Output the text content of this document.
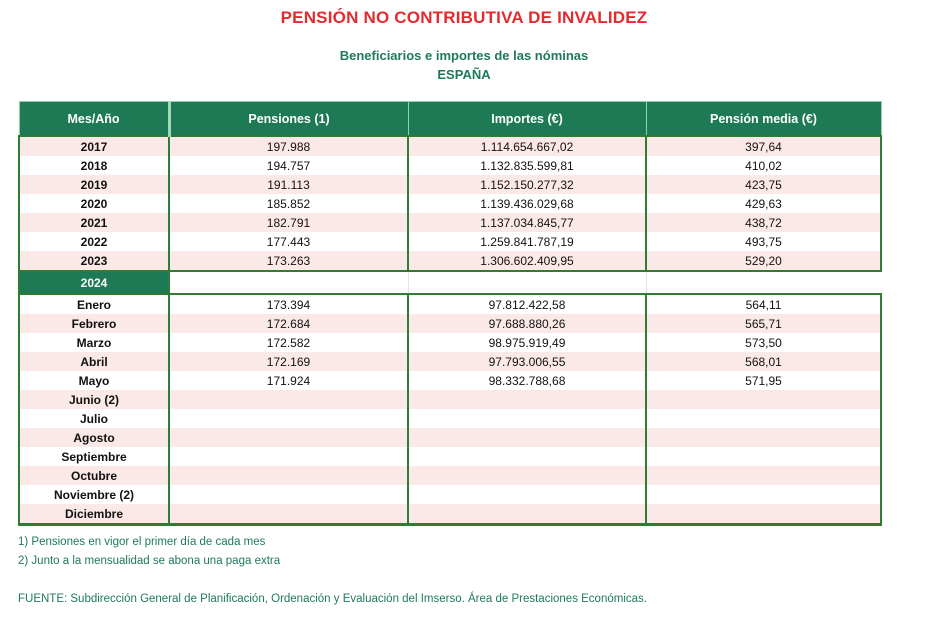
PENSIÓN NO CONTRIBUTIVA DE INVALIDEZ
Beneficiarios e importes de las nóminas
ESPAÑA
Mes/Año	Pensiones (1)	Importes (€)	Pensión media (€)
2017	197.988	1.114.654.667,02	397,64
2018	194.757	1.132.835.599,81	410,02
2019	191.113	1.152.150.277,32	423,75
2020	185.852	1.139.436.029,68	429,63
2021	182.791	1.137.034.845,77	438,72
2022	177.443	1.259.841.787,19	493,75
2023	173.263	1.306.602.409,95	529,20
2024			
Enero	173.394	97.812.422,58	564,11
Febrero	172.684	97.688.880,26	565,71
Marzo	172.582	98.975.919,49	573,50
Abril	172.169	97.793.006,55	568,01
Mayo	171.924	98.332.788,68	571,95
Junio (2)			
Julio			
Agosto			
Septiembre			
Octubre			
Noviembre (2)			
Diciembre			
1) Pensiones en vigor el primer día de cada mes
2) Junto a la mensualidad se abona una paga extra
FUENTE: Subdirección General de Planificación, Ordenación y Evaluación del Imserso. Área de Prestaciones Económicas.
